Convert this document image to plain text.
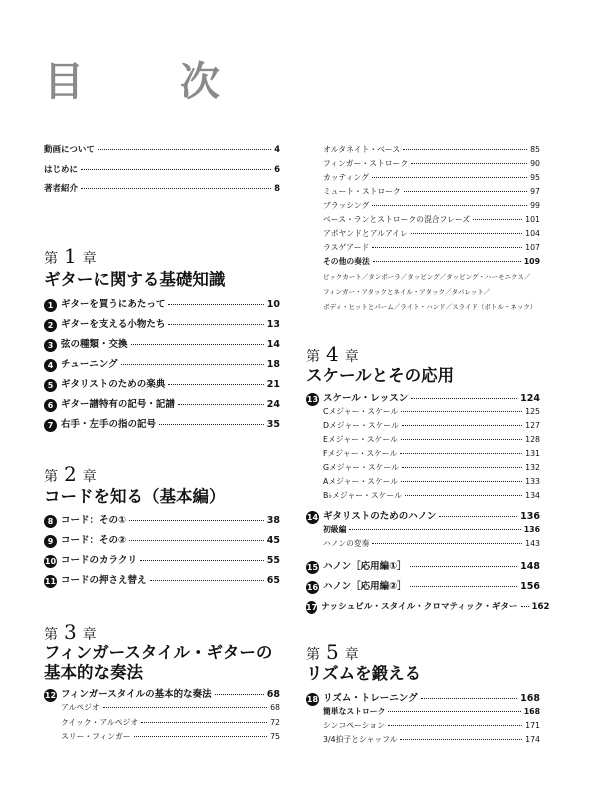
目　次
動画について	4
はじめに	6
著者紹介	8
第 1 章
ギターに関する基礎知識
1 ギターを買うにあたって	10
2 ギターを支える小物たち	13
3 弦の種類・交換	14
4 チューニング	18
5 ギタリストのための楽典	21
6 ギター譜特有の記号・記譜	24
7 右手・左手の指の記号	35
第 2 章
コードを知る（基本編）
8 コード：その①	38
9 コード：その②	45
10 コードのカラクリ	55
11 コードの押さえ替え	65
第 3 章
フィンガースタイル・ギターの
基本的な奏法
12 フィンガースタイルの基本的な奏法	68
アルペジオ	68
クイック・アルペジオ	72
スリー・フィンガー	75
オルタネイト・ベース	85
フィンガー・ストローク	90
カッティング	95
ミュート・ストローク	97
ブラッシング	99
ベース・ランとストロークの混合フレーズ	101
アポヤンドとアルアイレ	104
ラスゲアード	107
その他の奏法	109
ピックカート／タンボーラ／タッピング／タッピング・ハーモニクス／
フィンガー・アタックとネイル・アタック／タパレット／
ボディ・ヒットとパーム／ライト・ハンド／スライド（ボトル・ネック）
第 4 章
スケールとその応用
13 スケール・レッスン	124
Cメジャー・スケール	125
Dメジャー・スケール	127
Eメジャー・スケール	128
Fメジャー・スケール	131
Gメジャー・スケール	132
Aメジャー・スケール	133
B♭メジャー・スケール	134
14 ギタリストのためのハノン	136
初級編	136
ハノンの変奏	143
15 ハノン［応用編①］	148
16 ハノン［応用編②］	156
17 ナッシュビル・スタイル・クロマティック・ギター 162
第 5 章
リズムを鍛える
18 リズム・トレーニング	168
簡単なストローク	168
シンコペーション	171
3/4拍子とシャッフル	174
